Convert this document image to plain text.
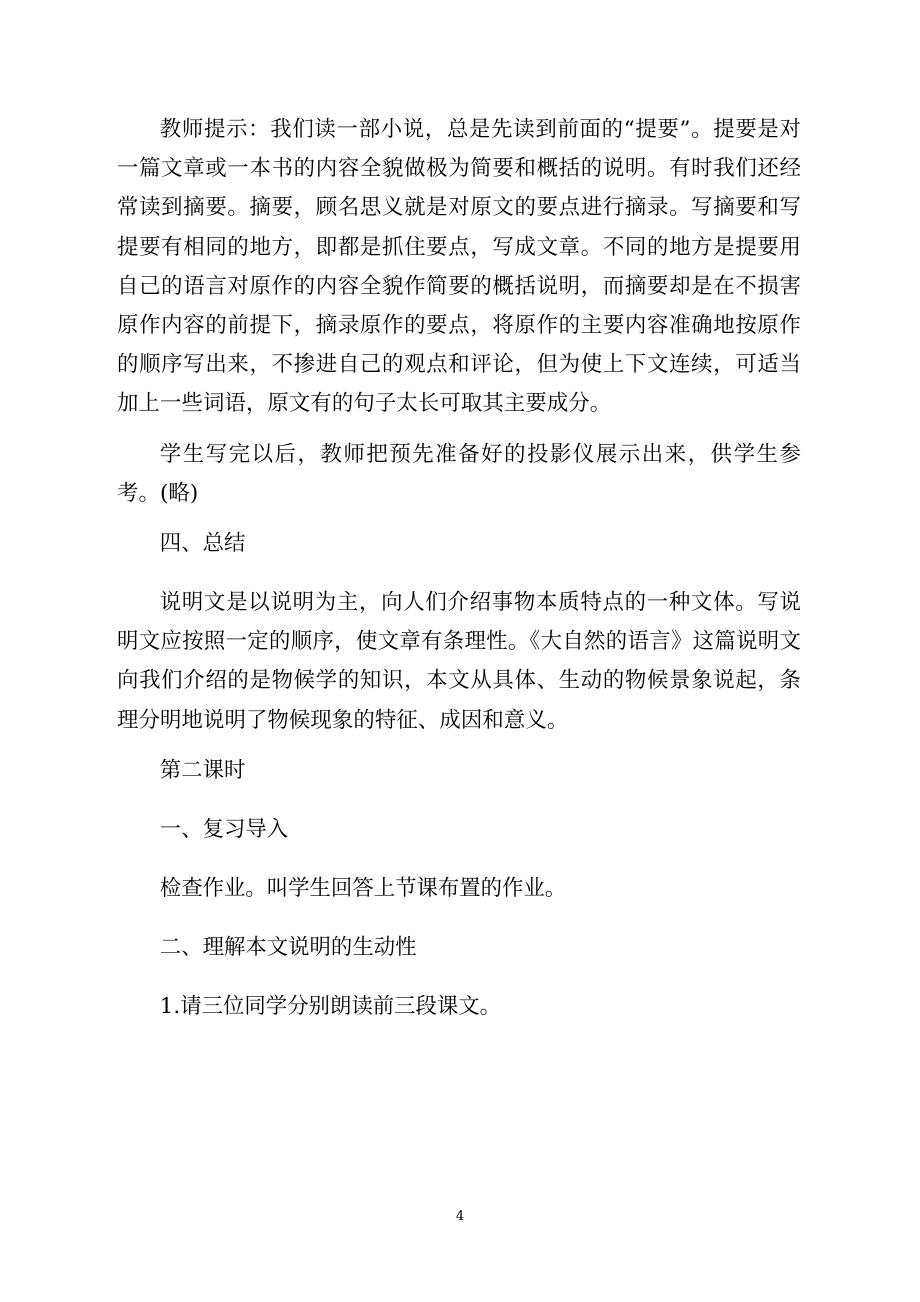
教师提示：我们读一部小说，总是先读到前面的“提要”。提要是对一篇文章或一本书的内容全貌做极为简要和概括的说明。有时我们还经常读到摘要。摘要，顾名思义就是对原文的要点进行摘录。写摘要和写提要有相同的地方，即都是抓住要点，写成文章。不同的地方是提要用自己的语言对原作的内容全貌作简要的概括说明，而摘要却是在不损害原作内容的前提下，摘录原作的要点，将原作的主要内容准确地按原作的顺序写出来，不掺进自己的观点和评论，但为使上下文连续，可适当加上一些词语，原文有的句子太长可取其主要成分。

学生写完以后，教师把预先准备好的投影仪展示出来，供学生参考。(略)

四、总结

说明文是以说明为主，向人们介绍事物本质特点的一种文体。写说明文应按照一定的顺序，使文章有条理性。《大自然的语言》这篇说明文向我们介绍的是物候学的知识，本文从具体、生动的物候景象说起，条理分明地说明了物候现象的特征、成因和意义。

第二课时

一、复习导入

检查作业。叫学生回答上节课布置的作业。

二、理解本文说明的生动性

1.请三位同学分别朗读前三段课文。

4
